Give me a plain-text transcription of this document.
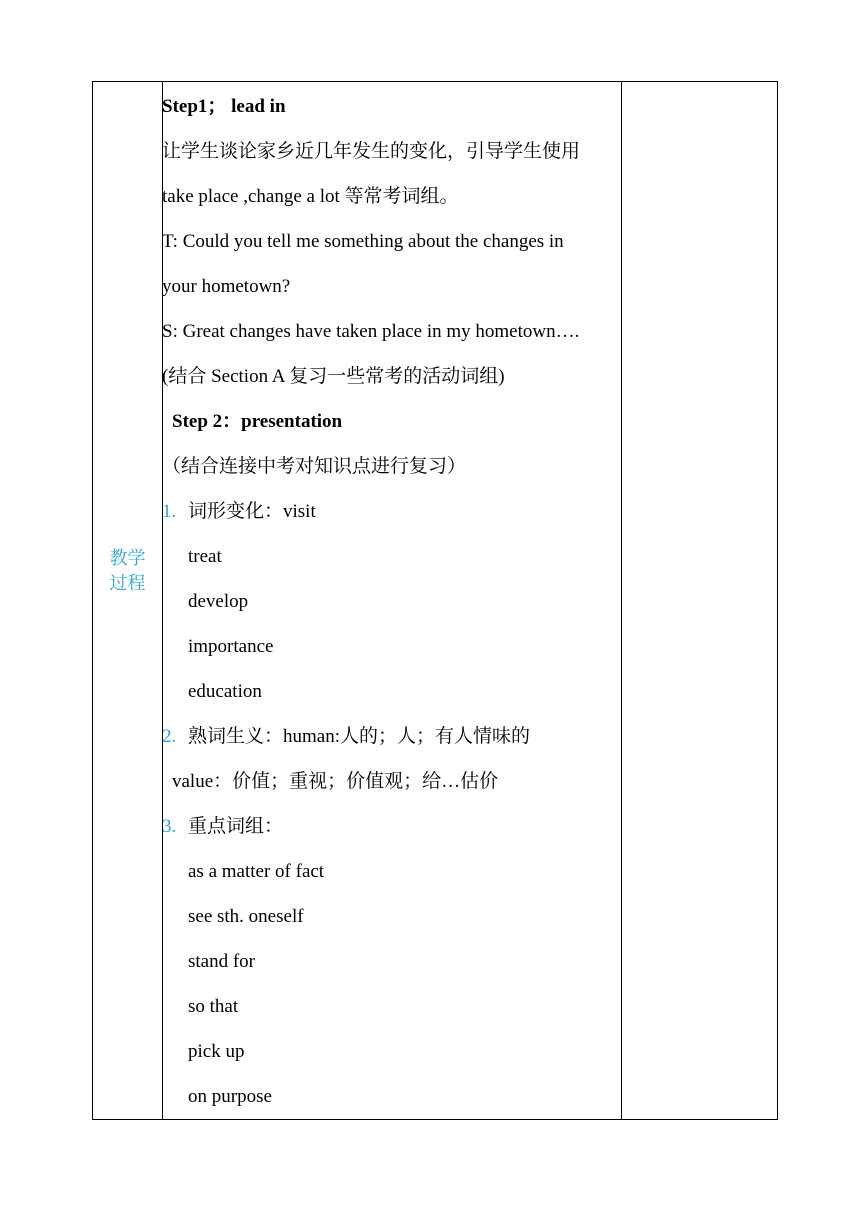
教学
过程
Step1； lead in
让学生谈论家乡近几年发生的变化，引导学生使用
take place ,change a lot 等常考词组。
T: Could you tell me something about the changes in
your hometown?
S: Great changes have taken place in my hometown….
(结合 Section A 复习一些常考的活动词组)
Step 2：presentation
（结合连接中考对知识点进行复习）
1. 词形变化：visit
treat
develop
importance
education
2. 熟词生义：human:人的；人；有人情味的
value：价值；重视；价值观；给…估价
3. 重点词组：
as a matter of fact
see sth. oneself
stand for
so that
pick up
on purpose
